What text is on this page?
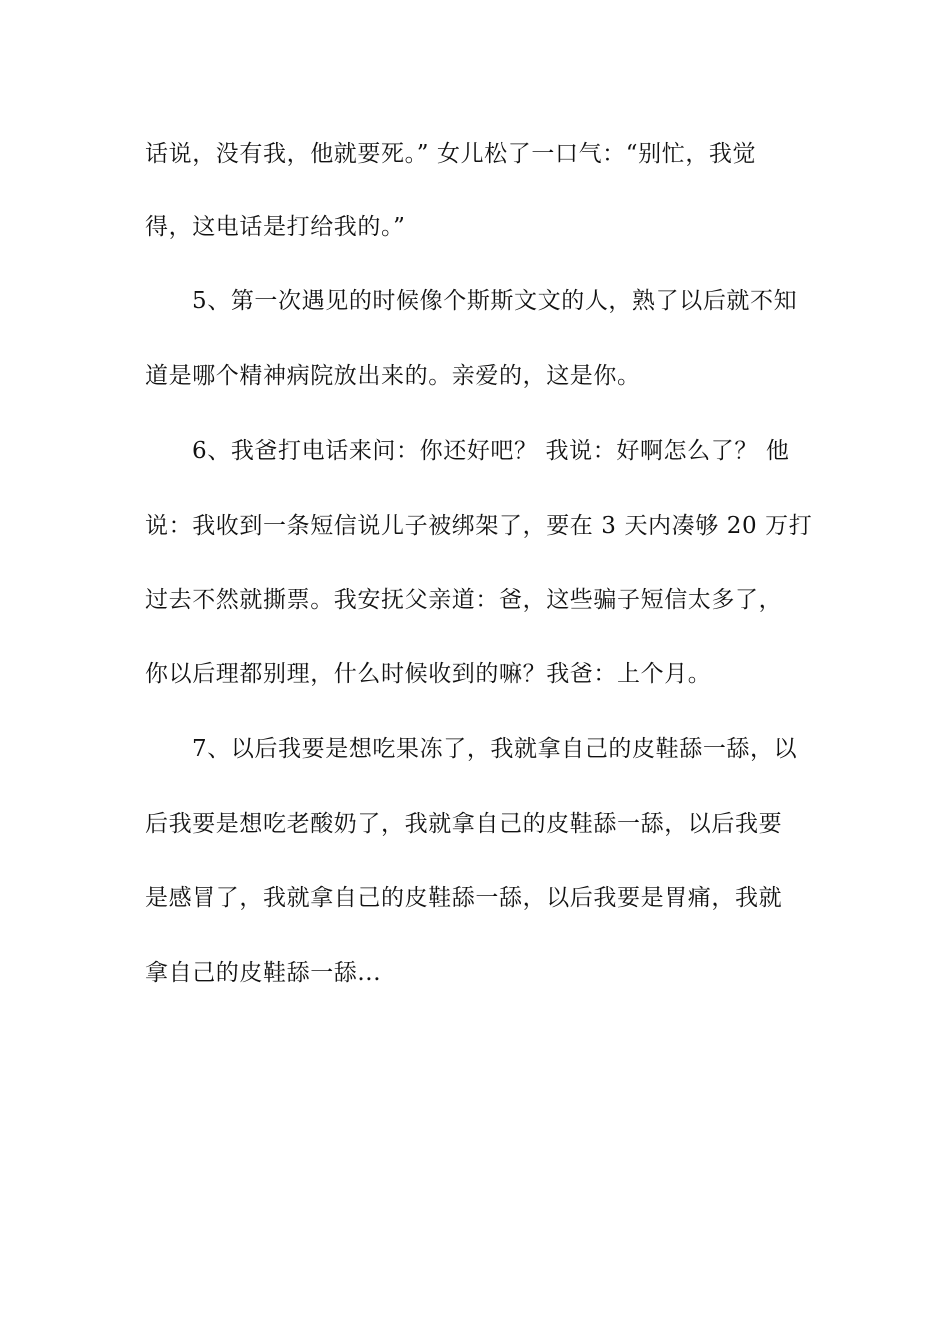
话说，没有我，他就要死。” 女儿松了一口气：“别忙，我觉
得，这电话是打给我的。”
5、第一次遇见的时候像个斯斯文文的人，熟了以后就不知
道是哪个精神病院放出来的。亲爱的，这是你。
6、我爸打电话来问：你还好吧？ 我说：好啊怎么了？ 他
说：我收到一条短信说儿子被绑架了，要在 3 天内凑够 20 万打
过去不然就撕票。我安抚父亲道：爸，这些骗子短信太多了，
你以后理都别理，什么时候收到的嘛？我爸：上个月。
7、以后我要是想吃果冻了，我就拿自己的皮鞋舔一舔，以
后我要是想吃老酸奶了，我就拿自己的皮鞋舔一舔，以后我要
是感冒了，我就拿自己的皮鞋舔一舔，以后我要是胃痛，我就
拿自己的皮鞋舔一舔...
